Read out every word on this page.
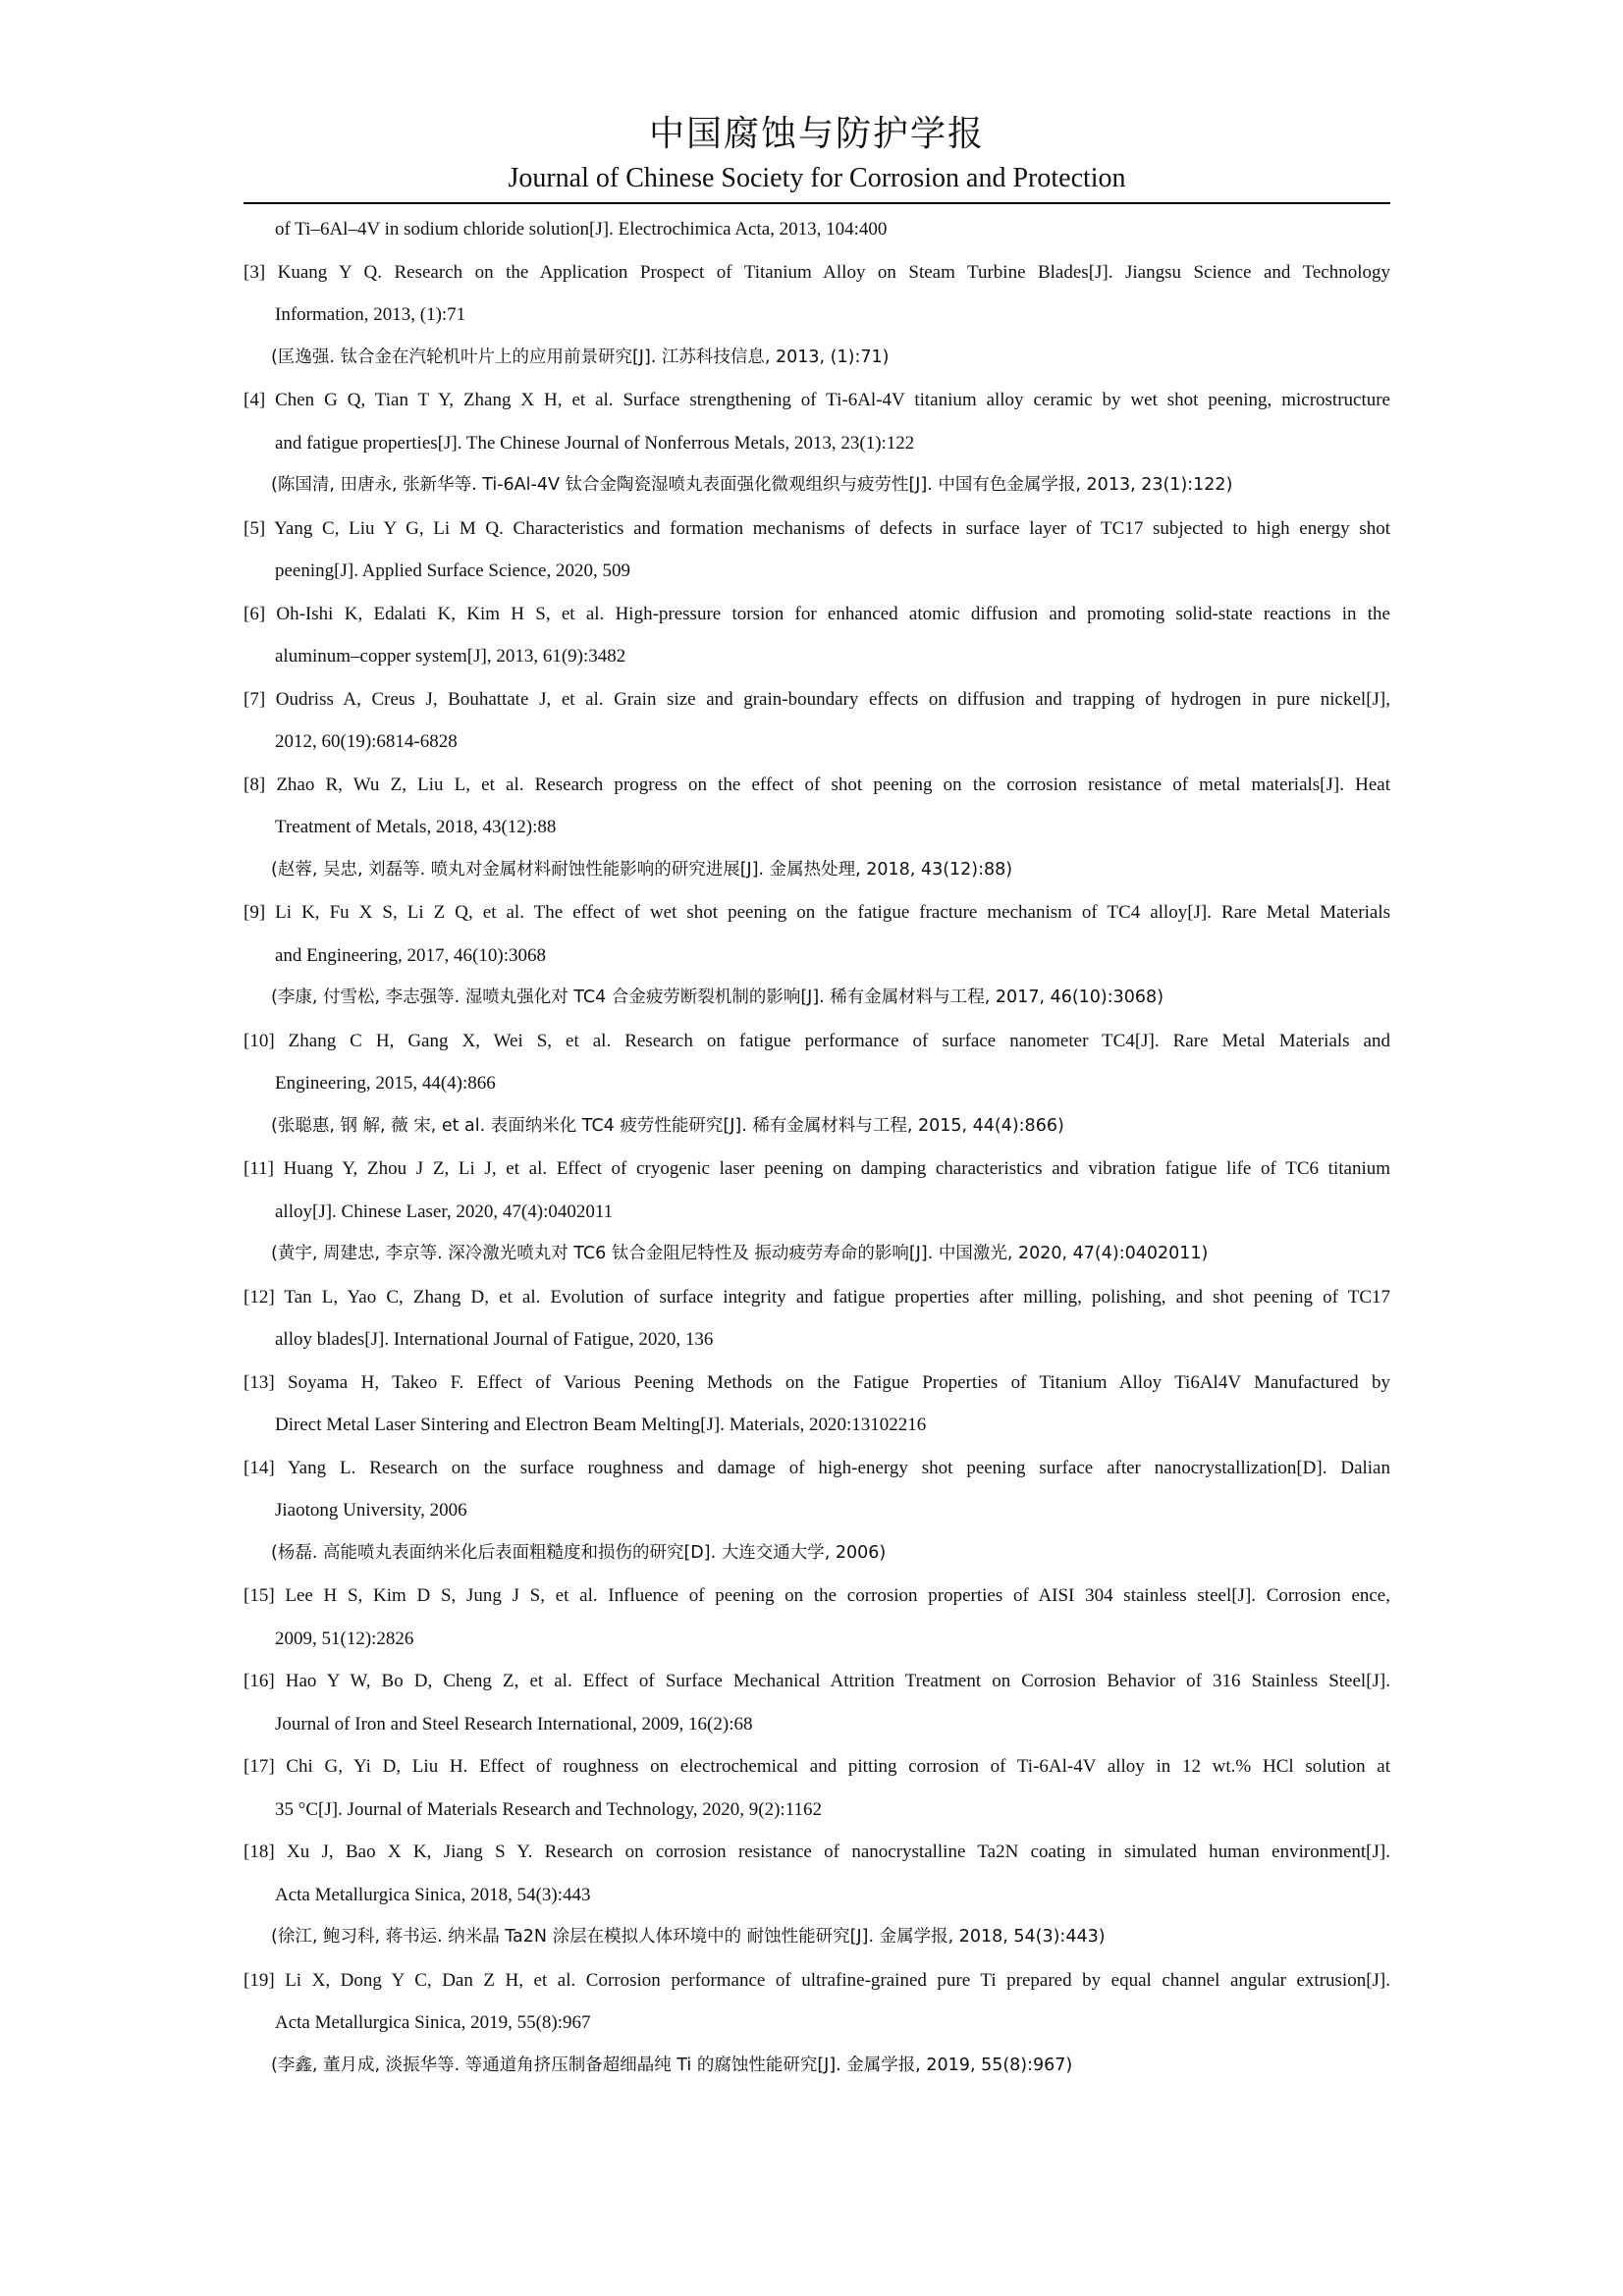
中国腐蚀与防护学报
Journal of Chinese Society for Corrosion and Protection
of Ti–6Al–4V in sodium chloride solution[J]. Electrochimica Acta, 2013, 104:400
[3] Kuang Y Q. Research on the Application Prospect of Titanium Alloy on Steam Turbine Blades[J]. Jiangsu Science and Technology
Information, 2013, (1):71
(匡逸强. 钛合金在汽轮机叶片上的应用前景研究[J]. 江苏科技信息, 2013, (1):71)
[4] Chen G Q, Tian T Y, Zhang X H, et al. Surface strengthening of Ti-6Al-4V titanium alloy ceramic by wet shot peening, microstructure
and fatigue properties[J]. The Chinese Journal of Nonferrous Metals, 2013, 23(1):122
(陈国清, 田唐永, 张新华等. Ti-6Al-4V 钛合金陶瓷湿喷丸表面强化微观组织与疲劳性[J]. 中国有色金属学报, 2013, 23(1):122)
[5] Yang C, Liu Y G, Li M Q. Characteristics and formation mechanisms of defects in surface layer of TC17 subjected to high energy shot
peening[J]. Applied Surface Science, 2020, 509
[6] Oh-Ishi K, Edalati K, Kim H S, et al. High-pressure torsion for enhanced atomic diffusion and promoting solid-state reactions in the
aluminum–copper system[J], 2013, 61(9):3482
[7] Oudriss A, Creus J, Bouhattate J, et al. Grain size and grain-boundary effects on diffusion and trapping of hydrogen in pure nickel[J],
2012, 60(19):6814-6828
[8] Zhao R, Wu Z, Liu L, et al. Research progress on the effect of shot peening on the corrosion resistance of metal materials[J]. Heat
Treatment of Metals, 2018, 43(12):88
(赵蓉, 吴忠, 刘磊等. 喷丸对金属材料耐蚀性能影响的研究进展[J]. 金属热处理, 2018, 43(12):88)
[9] Li K, Fu X S, Li Z Q, et al. The effect of wet shot peening on the fatigue fracture mechanism of TC4 alloy[J]. Rare Metal Materials
and Engineering, 2017, 46(10):3068
(李康, 付雪松, 李志强等. 湿喷丸强化对 TC4 合金疲劳断裂机制的影响[J]. 稀有金属材料与工程, 2017, 46(10):3068)
[10] Zhang C H, Gang X, Wei S, et al. Research on fatigue performance of surface nanometer TC4[J]. Rare Metal Materials and
Engineering, 2015, 44(4):866
(张聪惠, 钢 解, 薇 宋, et al. 表面纳米化 TC4 疲劳性能研究[J]. 稀有金属材料与工程, 2015, 44(4):866)
[11] Huang Y, Zhou J Z, Li J, et al. Effect of cryogenic laser peening on damping characteristics and vibration fatigue life of TC6 titanium
alloy[J]. Chinese Laser, 2020, 47(4):0402011
(黄宇, 周建忠, 李京等. 深冷激光喷丸对 TC6 钛合金阻尼特性及 振动疲劳寿命的影响[J]. 中国激光, 2020, 47(4):0402011)
[12] Tan L, Yao C, Zhang D, et al. Evolution of surface integrity and fatigue properties after milling, polishing, and shot peening of TC17
alloy blades[J]. International Journal of Fatigue, 2020, 136
[13] Soyama H, Takeo F. Effect of Various Peening Methods on the Fatigue Properties of Titanium Alloy Ti6Al4V Manufactured by
Direct Metal Laser Sintering and Electron Beam Melting[J]. Materials, 2020:13102216
[14] Yang L. Research on the surface roughness and damage of high-energy shot peening surface after nanocrystallization[D]. Dalian
Jiaotong University, 2006
(杨磊. 高能喷丸表面纳米化后表面粗糙度和损伤的研究[D]. 大连交通大学, 2006)
[15] Lee H S, Kim D S, Jung J S, et al. Influence of peening on the corrosion properties of AISI 304 stainless steel[J]. Corrosion ence,
2009, 51(12):2826
[16] Hao Y W, Bo D, Cheng Z, et al. Effect of Surface Mechanical Attrition Treatment on Corrosion Behavior of 316 Stainless Steel[J].
Journal of Iron and Steel Research International, 2009, 16(2):68
[17] Chi G, Yi D, Liu H. Effect of roughness on electrochemical and pitting corrosion of Ti-6Al-4V alloy in 12 wt.% HCl solution at
35 °C[J]. Journal of Materials Research and Technology, 2020, 9(2):1162
[18] Xu J, Bao X K, Jiang S Y. Research on corrosion resistance of nanocrystalline Ta2N coating in simulated human environment[J].
Acta Metallurgica Sinica, 2018, 54(3):443
(徐江, 鲍习科, 蒋书运. 纳米晶 Ta2N 涂层在模拟人体环境中的 耐蚀性能研究[J]. 金属学报, 2018, 54(3):443)
[19] Li X, Dong Y C, Dan Z H, et al. Corrosion performance of ultrafine-grained pure Ti prepared by equal channel angular extrusion[J].
Acta Metallurgica Sinica, 2019, 55(8):967
(李鑫, 董月成, 淡振华等. 等通道角挤压制备超细晶纯 Ti 的腐蚀性能研究[J]. 金属学报, 2019, 55(8):967)
